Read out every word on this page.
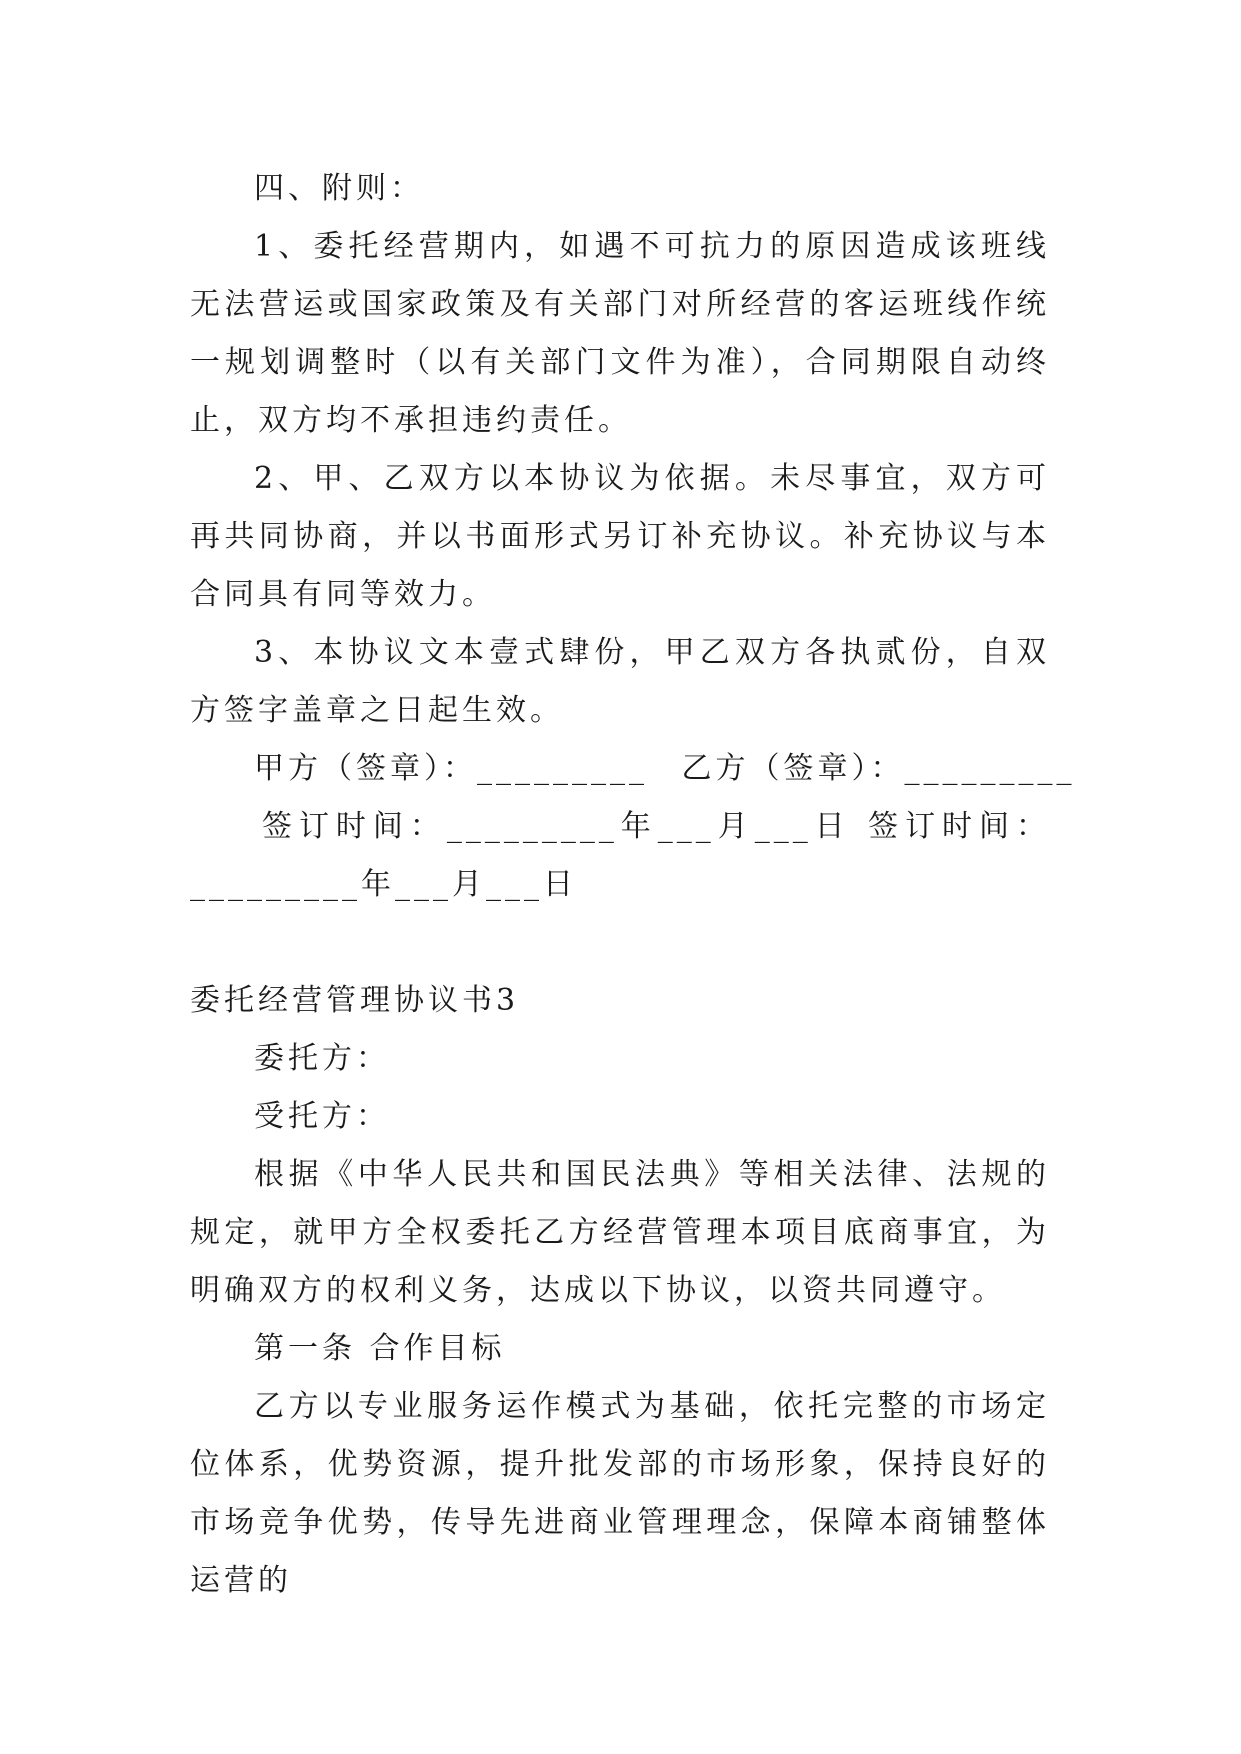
四、附则：

1、委托经营期内，如遇不可抗力的原因造成该班线无法营运或国家政策及有关部门对所经营的客运班线作统一规划调整时（以有关部门文件为准），合同期限自动终止，双方均不承担违约责任。

2、甲、乙双方以本协议为依据。未尽事宜，双方可再共同协商，并以书面形式另订补充协议。补充协议与本合同具有同等效力。

3、本协议文本壹式肆份，甲乙双方各执贰份，自双方签字盖章之日起生效。

甲方（签章）：_________ 乙方（签章）：_________

签订时间：_________年___月___日 签订时间：

_________年___月___日

委托经营管理协议书3

委托方：

受托方：

根据《中华人民共和国民法典》等相关法律、法规的规定，就甲方全权委托乙方经营管理本项目底商事宜，为明确双方的权利义务，达成以下协议，以资共同遵守。

第一条 合作目标

乙方以专业服务运作模式为基础，依托完整的市场定位体系，优势资源，提升批发部的市场形象，保持良好的市场竞争优势，传导先进商业管理理念，保障本商铺整体运营的
